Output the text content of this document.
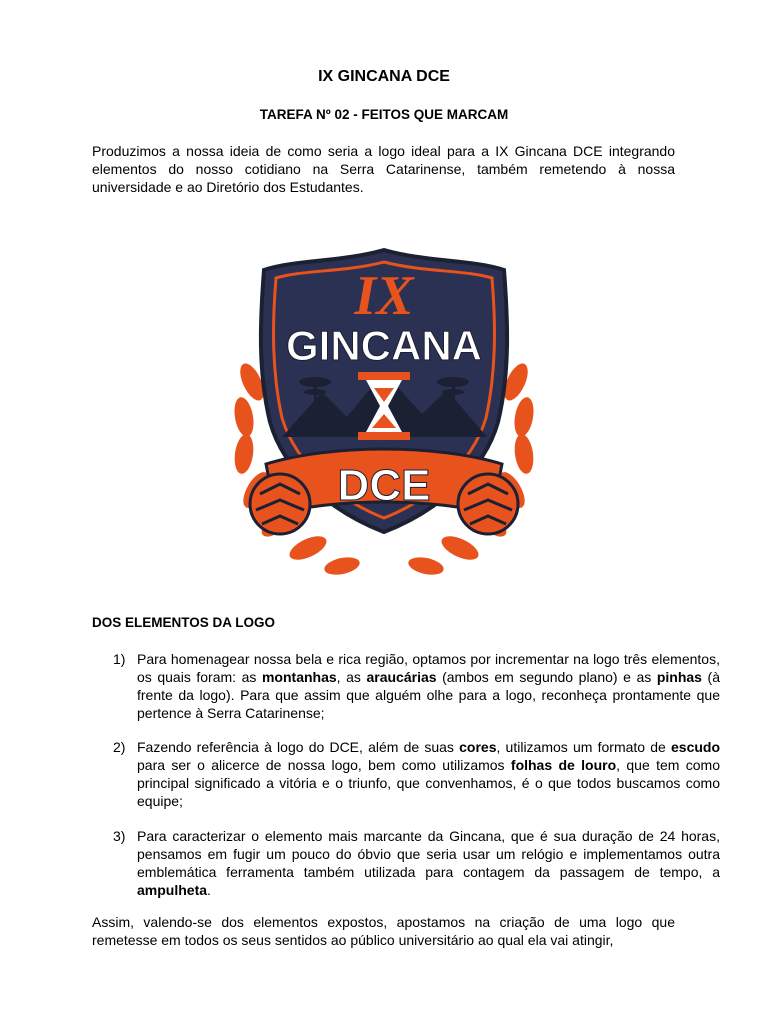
IX GINCANA DCE
TAREFA Nº 02 - FEITOS QUE MARCAM
Produzimos a nossa ideia de como seria a logo ideal para a IX Gincana DCE integrando elementos do nosso cotidiano na Serra Catarinense, também remetendo à nossa universidade e ao Diretório dos Estudantes.
IX
GINCANA
DCE
DOS ELEMENTOS DA LOGO
1) Para homenagear nossa bela e rica região, optamos por incrementar na logo três elementos, os quais foram: as montanhas, as araucárias (ambos em segundo plano) e as pinhas (à frente da logo). Para que assim que alguém olhe para a logo, reconheça prontamente que pertence à Serra Catarinense;
2) Fazendo referência à logo do DCE, além de suas cores, utilizamos um formato de escudo para ser o alicerce de nossa logo, bem como utilizamos folhas de louro, que tem como principal significado a vitória e o triunfo, que convenhamos, é o que todos buscamos como equipe;
3) Para caracterizar o elemento mais marcante da Gincana, que é sua duração de 24 horas, pensamos em fugir um pouco do óbvio que seria usar um relógio e implementamos outra emblemática ferramenta também utilizada para contagem da passagem de tempo, a ampulheta.
Assim, valendo-se dos elementos expostos, apostamos na criação de uma logo que remetesse em todos os seus sentidos ao público universitário ao qual ela vai atingir,
